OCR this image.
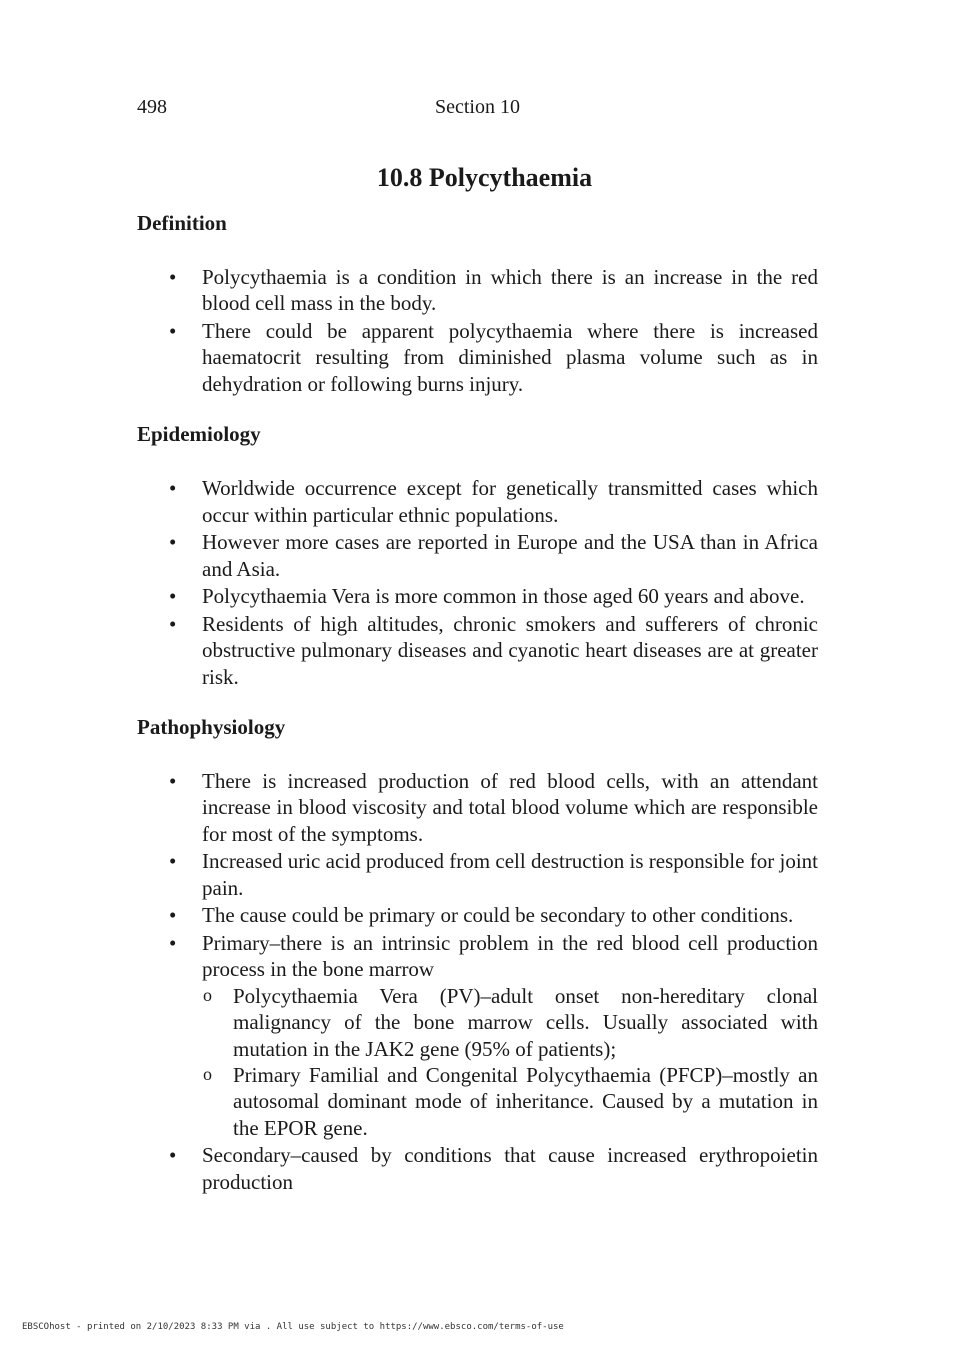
498	Section 10
10.8 Polycythaemia
Definition
• Polycythaemia is a condition in which there is an increase in the red blood cell mass in the body.
• There could be apparent polycythaemia where there is increased haematocrit resulting from diminished plasma volume such as in dehydration or following burns injury.
Epidemiology
• Worldwide occurrence except for genetically transmitted cases which occur within particular ethnic populations.
• However more cases are reported in Europe and the USA than in Africa and Asia.
• Polycythaemia Vera is more common in those aged 60 years and above.
• Residents of high altitudes, chronic smokers and sufferers of chronic obstructive pulmonary diseases and cyanotic heart diseases are at greater risk.
Pathophysiology
• There is increased production of red blood cells, with an attendant increase in blood viscosity and total blood volume which are responsible for most of the symptoms.
• Increased uric acid produced from cell destruction is responsible for joint pain.
• The cause could be primary or could be secondary to other conditions.
• Primary–there is an intrinsic problem in the red blood cell production process in the bone marrow
o Polycythaemia Vera (PV)–adult onset non-hereditary clonal malignancy of the bone marrow cells. Usually associated with mutation in the JAK2 gene (95% of patients);
o Primary Familial and Congenital Polycythaemia (PFCP)–mostly an autosomal dominant mode of inheritance. Caused by a mutation in the EPOR gene.
• Secondary–caused by conditions that cause increased erythropoietin production
EBSCOhost - printed on 2/10/2023 8:33 PM via . All use subject to https://www.ebsco.com/terms-of-use
